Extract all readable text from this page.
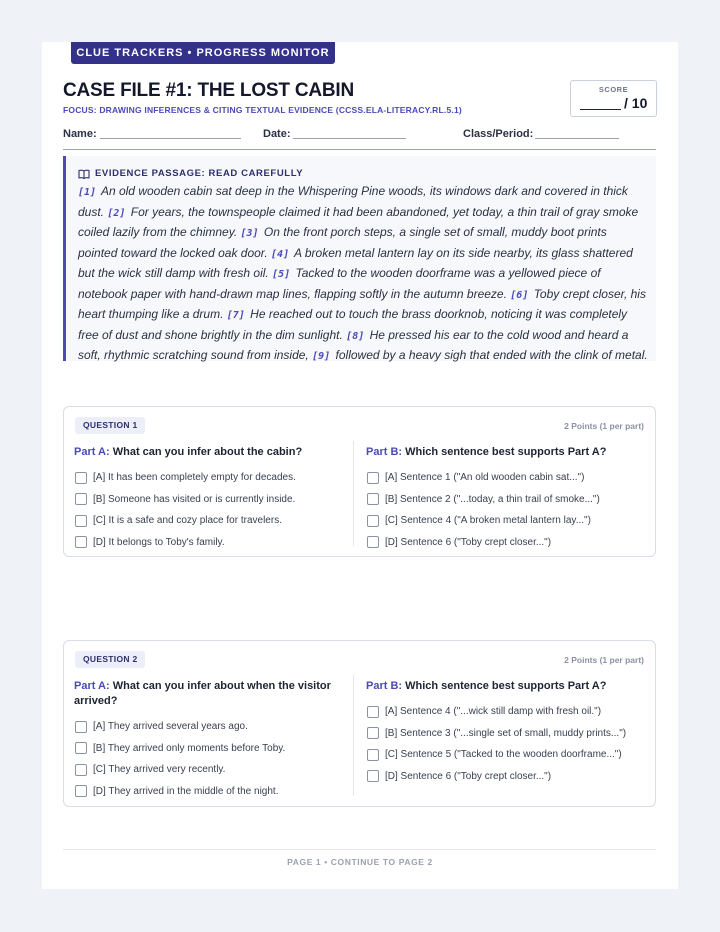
CLUE TRACKERS • PROGRESS MONITOR
CASE FILE #1: THE LOST CABIN
FOCUS: DRAWING INFERENCES & CITING TEXTUAL EVIDENCE (CCSS.ELA-LITERACY.RL.5.1)
SCORE
/ 10
Name:	Date:	Class/Period:
EVIDENCE PASSAGE: READ CAREFULLY
[1] An old wooden cabin sat deep in the Whispering Pine woods, its windows dark and covered in thick dust. [2] For years, the townspeople claimed it had been abandoned, yet today, a thin trail of gray smoke coiled lazily from the chimney. [3] On the front porch steps, a single set of small, muddy boot prints pointed toward the locked oak door. [4] A broken metal lantern lay on its side nearby, its glass shattered but the wick still damp with fresh oil. [5] Tacked to the wooden doorframe was a yellowed piece of notebook paper with hand-drawn map lines, flapping softly in the autumn breeze. [6] Toby crept closer, his heart thumping like a drum. [7] He reached out to touch the brass doorknob, noticing it was completely free of dust and shone brightly in the dim sunlight. [8] He pressed his ear to the cold wood and heard a soft, rhythmic scratching sound from inside, [9] followed by a heavy sigh that ended with the clink of metal.
QUESTION 1	2 Points (1 per part)
Part A: What can you infer about the cabin?
[A] It has been completely empty for decades.
[B] Someone has visited or is currently inside.
[C] It is a safe and cozy place for travelers.
[D] It belongs to Toby's family.
Part B: Which sentence best supports Part A?
[A] Sentence 1 ("An old wooden cabin sat...")
[B] Sentence 2 ("...today, a thin trail of smoke...")
[C] Sentence 4 ("A broken metal lantern lay...")
[D] Sentence 6 ("Toby crept closer...")
QUESTION 2	2 Points (1 per part)
Part A: What can you infer about when the visitor arrived?
[A] They arrived several years ago.
[B] They arrived only moments before Toby.
[C] They arrived very recently.
[D] They arrived in the middle of the night.
Part B: Which sentence best supports Part A?
[A] Sentence 4 ("...wick still damp with fresh oil.")
[B] Sentence 3 ("...single set of small, muddy prints...")
[C] Sentence 5 ("Tacked to the wooden doorframe...")
[D] Sentence 6 ("Toby crept closer...")
PAGE 1 • CONTINUE TO PAGE 2
